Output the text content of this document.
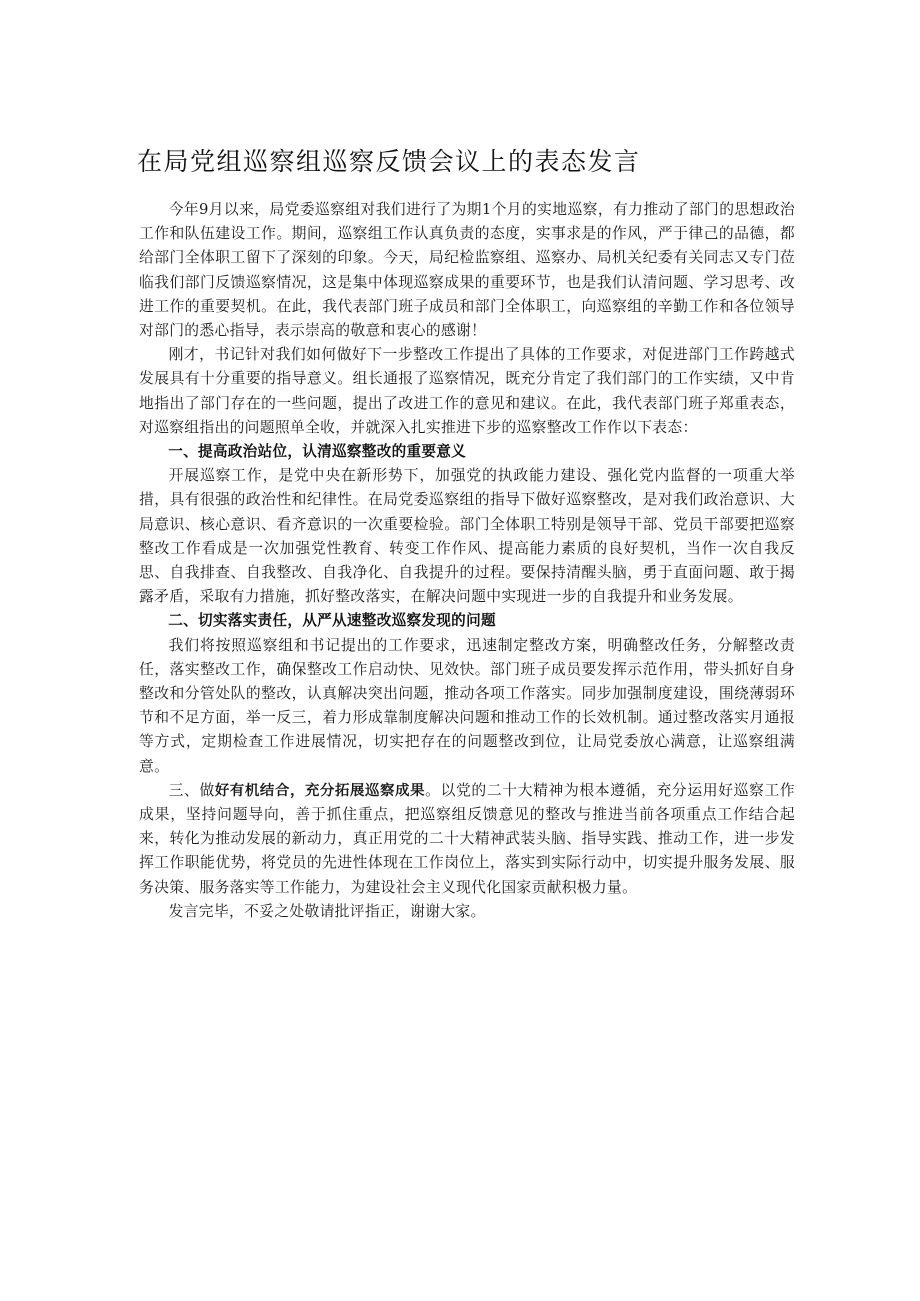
在局党组巡察组巡察反馈会议上的表态发言

今年9月以来，局党委巡察组对我们进行了为期1个月的实地巡察，有力推动了部门的思想政治工作和队伍建设工作。期间，巡察组工作认真负责的态度，实事求是的作风，严于律己的品德，都给部门全体职工留下了深刻的印象。今天，局纪检监察组、巡察办、局机关纪委有关同志又专门莅临我们部门反馈巡察情况，这是集中体现巡察成果的重要环节，也是我们认清问题、学习思考、改进工作的重要契机。在此，我代表部门班子成员和部门全体职工，向巡察组的辛勤工作和各位领导对部门的悉心指导，表示崇高的敬意和衷心的感谢！

刚才，书记针对我们如何做好下一步整改工作提出了具体的工作要求，对促进部门工作跨越式发展具有十分重要的指导意义。组长通报了巡察情况，既充分肯定了我们部门的工作实绩，又中肯地指出了部门存在的一些问题，提出了改进工作的意见和建议。在此，我代表部门班子郑重表态，对巡察组指出的问题照单全收，并就深入扎实推进下步的巡察整改工作作以下表态：

一、提高政治站位，认清巡察整改的重要意义

开展巡察工作，是党中央在新形势下，加强党的执政能力建设、强化党内监督的一项重大举措，具有很强的政治性和纪律性。在局党委巡察组的指导下做好巡察整改，是对我们政治意识、大局意识、核心意识、看齐意识的一次重要检验。部门全体职工特别是领导干部、党员干部要把巡察整改工作看成是一次加强党性教育、转变工作作风、提高能力素质的良好契机，当作一次自我反思、自我排查、自我整改、自我净化、自我提升的过程。要保持清醒头脑，勇于直面问题、敢于揭露矛盾，采取有力措施，抓好整改落实，在解决问题中实现进一步的自我提升和业务发展。

二、切实落实责任，从严从速整改巡察发现的问题

我们将按照巡察组和书记提出的工作要求，迅速制定整改方案，明确整改任务，分解整改责任，落实整改工作，确保整改工作启动快、见效快。部门班子成员要发挥示范作用，带头抓好自身整改和分管处队的整改，认真解决突出问题，推动各项工作落实。同步加强制度建设，围绕薄弱环节和不足方面，举一反三，着力形成靠制度解决问题和推动工作的长效机制。通过整改落实月通报等方式，定期检查工作进展情况，切实把存在的问题整改到位，让局党委放心满意，让巡察组满意。

三、做好有机结合，充分拓展巡察成果。以党的二十大精神为根本遵循，充分运用好巡察工作成果，坚持问题导向，善于抓住重点，把巡察组反馈意见的整改与推进当前各项重点工作结合起来，转化为推动发展的新动力，真正用党的二十大精神武装头脑、指导实践、推动工作，进一步发挥工作职能优势，将党员的先进性体现在工作岗位上，落实到实际行动中，切实提升服务发展、服务决策、服务落实等工作能力，为建设社会主义现代化国家贡献积极力量。

发言完毕，不妥之处敬请批评指正，谢谢大家。
